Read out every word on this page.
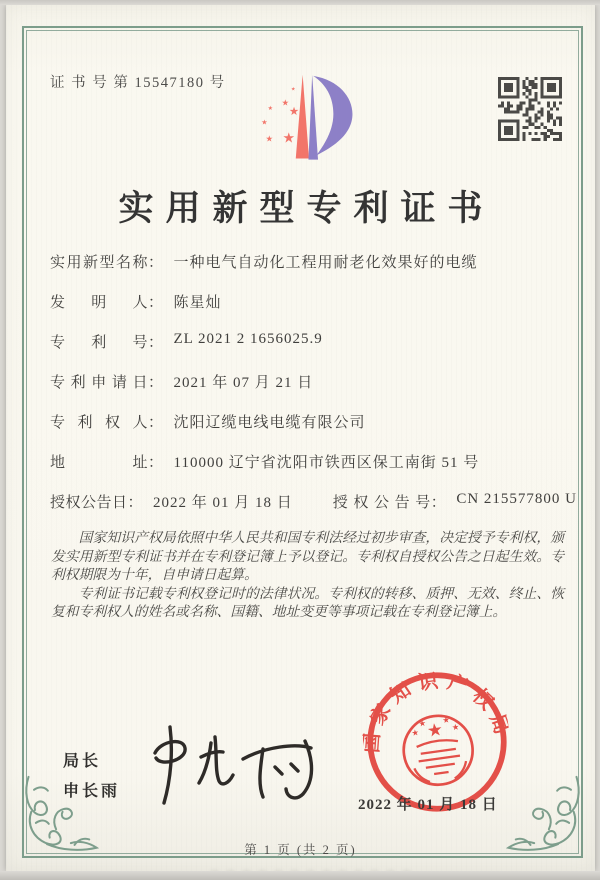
证 书 号 第 15547180 号
★
★ ★
★
★
★
★
实用新型专利证书
实用新型名称 ： 一种电气自动化工程用耐老化效果好的电缆
发明人 ： 陈星灿
专利号 ： ZL 2021 2 1656025.9
专利申请日 ： 2021 年 07 月 21 日
专利权人 ： 沈阳辽缆电线电缆有限公司
地址 ： 110000 辽宁省沈阳市铁西区保工南街 51 号
授权公告日 ： 2022 年 01 月 18 日	授权公告号 ： CN 215577800 U

国家知识产权局依照中华人民共和国专利法经过初步审查，决定授予专利权，颁发实用新型专利证书并在专利登记簿上予以登记。专利权自授权公告之日起生效。专利权期限为十年，自申请日起算。

专利证书记载专利权登记时的法律状况。专利权的转移、质押、无效、终止、恢复和专利权人的姓名或名称、国籍、地址变更等事项记载在专利登记簿上。

局长
申长雨
国 家 知 识 产 权 局
★
★
★ ★
★
2022 年 01 月 18 日
第 1 页 (共 2 页)
